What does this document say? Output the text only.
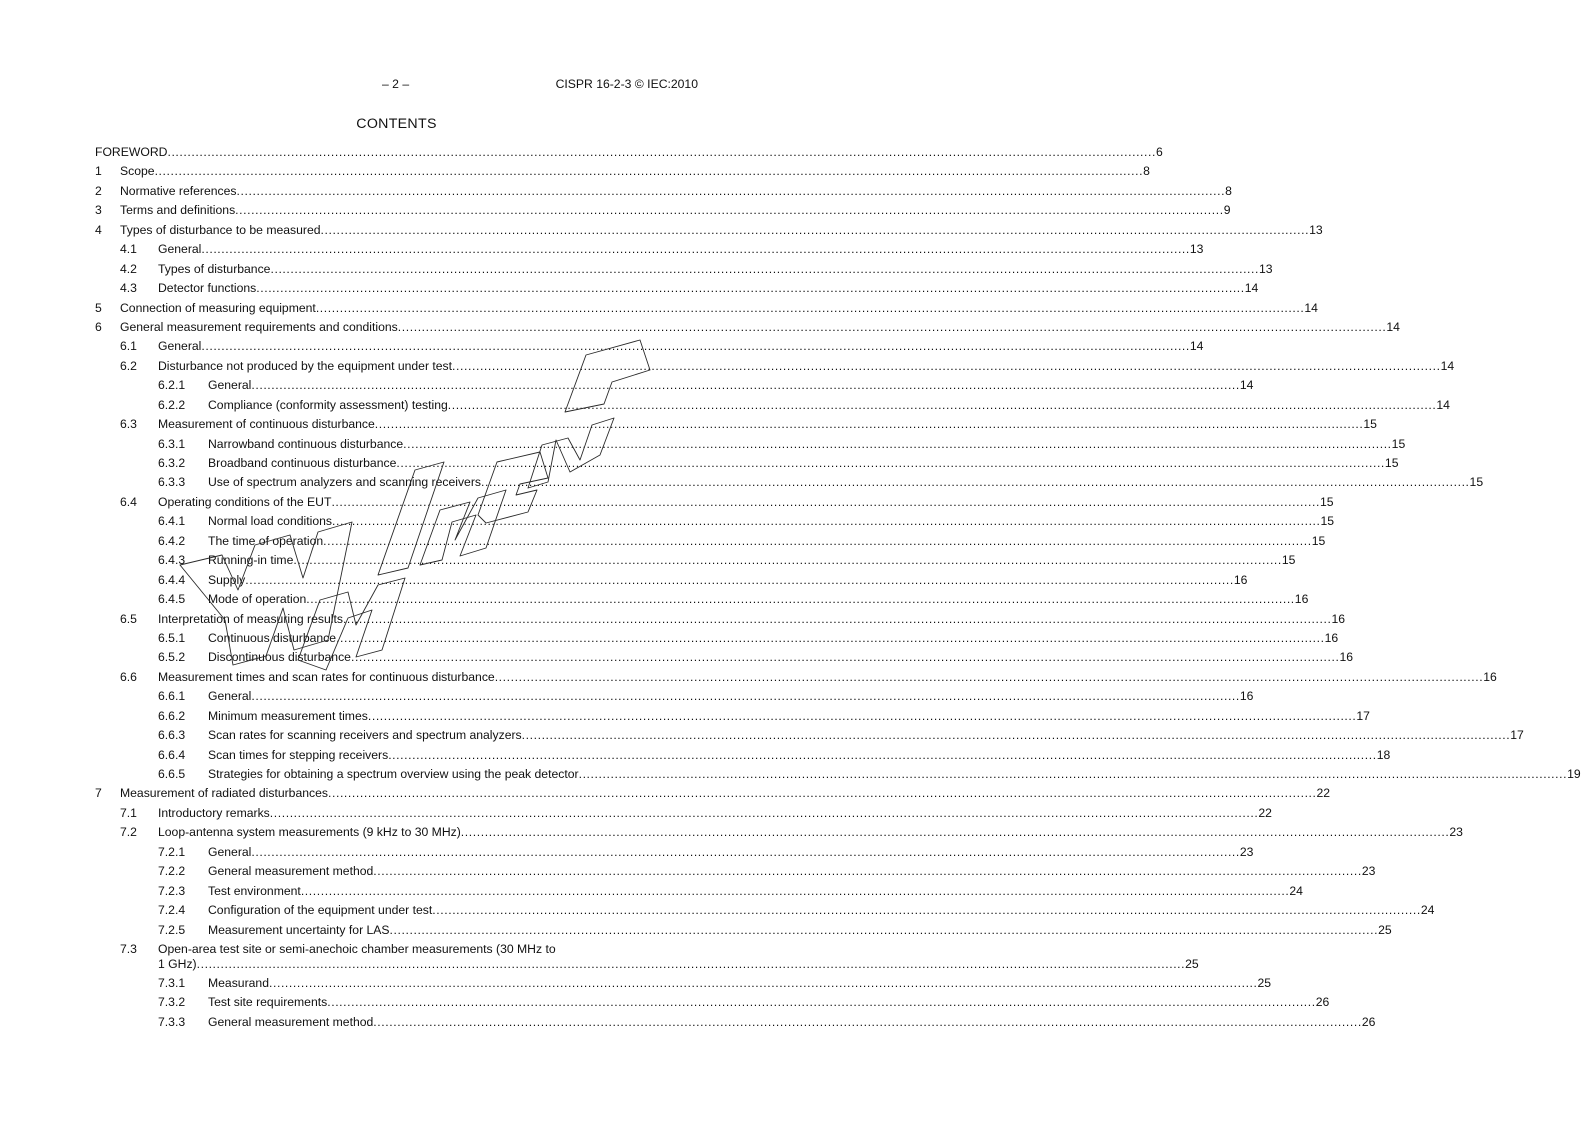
– 2 –	CISPR 16-2-3 © IEC:2010
CONTENTS
FOREWORD .....	6
1	Scope .....	8
2	Normative references .....	8
3	Terms and definitions .....	9
4	Types of disturbance to be measured .....	13
4.1	General .....	13
4.2	Types of disturbance .....	13
4.3	Detector functions .....	14
5	Connection of measuring equipment .....	14
6	General measurement requirements and conditions .....	14
6.1	General .....	14
6.2	Disturbance not produced by the equipment under test .....	14
6.2.1	General .....	14
6.2.2	Compliance (conformity assessment) testing .....	14
6.3	Measurement of continuous disturbance .....	15
6.3.1	Narrowband continuous disturbance .....	15
6.3.2	Broadband continuous disturbance .....	15
6.3.3	Use of spectrum analyzers and scanning receivers .....	15
6.4	Operating conditions of the EUT .....	15
6.4.1	Normal load conditions .....	15
6.4.2	The time of operation .....	15
6.4.3	Running-in time .....	15
6.4.4	Supply .....	16
6.4.5	Mode of operation .....	16
6.5	Interpretation of measuring results .....	16
6.5.1	Continuous disturbance .....	16
6.5.2	Discontinuous disturbance .....	16
6.6	Measurement times and scan rates for continuous disturbance .....	16
6.6.1	General .....	16
6.6.2	Minimum measurement times .....	17
6.6.3	Scan rates for scanning receivers and spectrum analyzers .....	17
6.6.4	Scan times for stepping receivers .....	18
6.6.5	Strategies for obtaining a spectrum overview using the peak detector .....	19
7	Measurement of radiated disturbances .....	22
7.1	Introductory remarks .....	22
7.2	Loop-antenna system measurements (9 kHz to 30 MHz) .....	23
7.2.1	General .....	23
7.2.2	General measurement method .....	23
7.2.3	Test environment .....	24
7.2.4	Configuration of the equipment under test .....	24
7.2.5	Measurement uncertainty for LAS .....	25
7.3	Open-area test site or semi-anechoic chamber measurements (30 MHz to
1 GHz) .....	25
7.3.1	Measurand .....	25
7.3.2	Test site requirements .....	26
7.3.3	General measurement method .....	26
